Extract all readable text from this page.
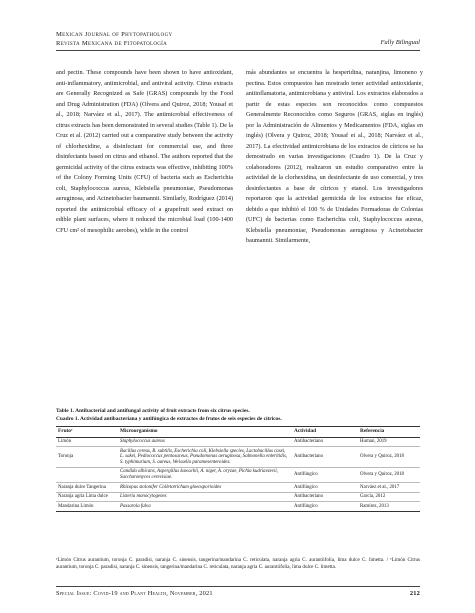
Mexican Journal of Phytopathology
Revista Mexicana de Fitopatología	Fully Bilingual

and pectin. These compounds have been shown to have antioxidant, anti-inflammatory, antimicrobial, and antiviral activity. Citrus extracts are Generally Recognized as Safe (GRAS) compounds by the Food and Drug Administration (FDA) (Olvera and Quiroz, 2018; Yousaf et al., 2018; Narváez et al., 2017). The antimicrobial effectiveness of citrus extracts has been demonstrated in several studies (Table 1). De la Cruz et al. (2012) carried out a comparative study between the activity of chlorhexidine, a disinfectant for commercial use, and three disinfectants based on citrus and ethanol. The authors reported that the germicidal activity of the citrus extracts was effective, inhibiting 100% of the Colony Forming Units (CFU) of bacteria such as Escherichia coli, Staphylococcus aureus, Klebsiella pneumoniae, Pseudomonas aeruginosa, and Acinetobacter baumannii. Similarly, Rodríguez (2014) reported the antimicrobial efficacy of a grapefruit seed extract on edible plant surfaces, where it reduced the microbial load (100-1400 CFU cm² of mesophilic aerobes), while in the control

más abundantes se encuentra la hesperidina, naranjina, limoneno y pectina. Estos compuestos han mostrado tener actividad antioxidante, antiinflamatoria, antimicrobiana y antiviral. Los extractos elaborados a partir de estas especies son reconocidos como compuestos Generalmente Reconocidos como Seguros (GRAS, siglas en inglés) por la Administración de Alimentos y Medicamentos (FDA, siglas en inglés) (Olvera y Quiroz, 2018; Yousaf et al., 2018; Narváez et al., 2017). La efectividad antimicrobiana de los extractos de cítricos se ha demostrado en varias investigaciones (Cuadro 1). De la Cruz y colaboradores (2012), realizaron un estudio comparativo entre la actividad de la clorhexidina, un desinfectante de uso comercial, y tres desinfectantes a base de cítricos y etanol. Los investigadores reportaron que la actividad germicida de los extractos fue eficaz, debido a que inhibió el 100 % de Unidades Formadoras de Colonias (UFC) de bacterias como Escherichia coli, Staphylococcus aureus, Klebsiella pneumoniae, Pseudomonas aeruginosa y Acinetobacter baumannii. Similarmente,

Table 1. Antibacterial and antifungal activity of fruit extracts from six citrus species.
Cuadro 1. Actividad antibacteriana y antifúngica de extractos de frutos de seis especies de cítricos.
Frutoʸ	Microorganismo	Actividad	Referencia
Limón	Staphylococcus aureus	Antibacteriano	Human, 2019
Toronja	Bacillus cereus, B. subtilis, Escherichia coli, Klebsiella species, Lactobacillus casei, L. sakei, Pediococcus pentosaceus, Pseudomonas aeruginosa, Salmonella enteritidis, S. typhimurium, S. aureus, Weissella paramesenteroides.	Antibacteriano	Olvera y Quiroz, 2018
	Candida albicans, Aspergillus kawachii, A. niger, A. oryzae, Pichia kudriavzevii, Saccharomyces cerevisiae.	Antifúngico	Olvera y Quiroz, 2018
Naranja dulce Tangerina	Rhizopus stolonifer Colletotrichum gloeosporioides	Antifúngico	Narváez et al., 2017
Naranja agria Lima dulce	Listeria monocytogenes	Antibacteriano	García, 2012
Mandarina Limón	Passarola fulva	Antifúngico	Ramírez, 2013
ʸLimón Citrus aurantium, toronja C. paradisi, naranja C. sinensis, tangerina/mandarina C. reticulata, naranja agria C. aurantiifolia, lima dulce C. limetta. / ʸLimón Citrus aurantium, toronja C. paradisi, naranja C. sinensis, tangerina/mandarina C. reticulata, naranja agria C. aurantiifolia, lima dulce C. limetta.
Special Issue: Covid-19 and Plant Health, November, 2021	212
